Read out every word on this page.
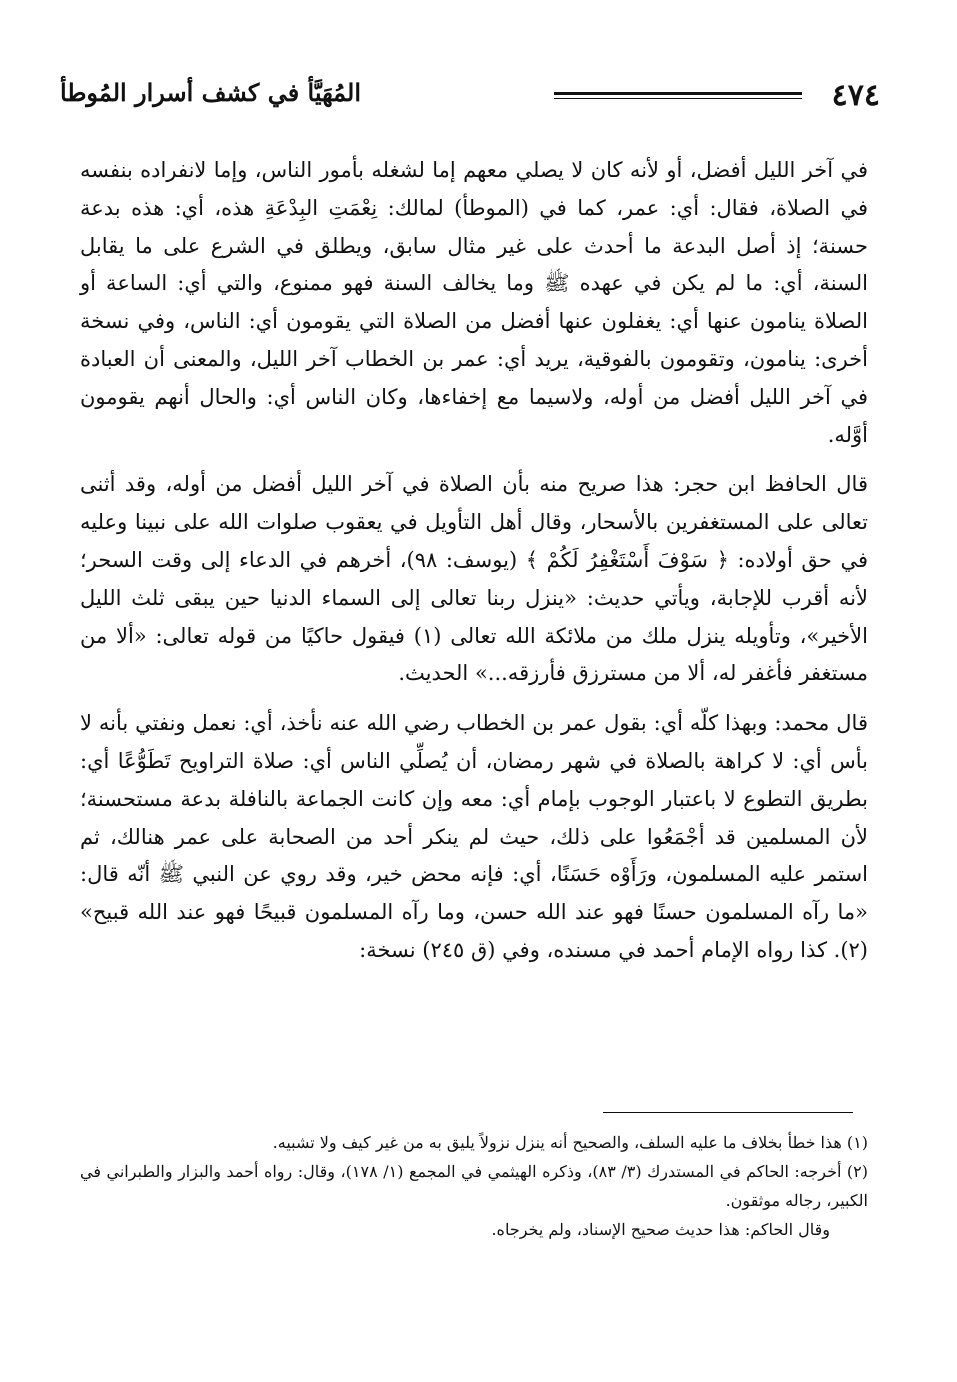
٤٧٤
المُهَيَّأ في كشف أسرار المُوطأ

في آخر الليل أفضل، أو لأنه كان لا يصلي معهم إما لشغله بأمور الناس، وإما لانفراده بنفسه في الصلاة، فقال: أي: عمر، كما في (الموطأ) لمالك: نِعْمَتِ البِدْعَةِ هذه، أي: هذه بدعة حسنة؛ إذ أصل البدعة ما أحدث على غير مثال سابق، ويطلق في الشرع على ما يقابل السنة، أي: ما لم يكن في عهده ﷺ وما يخالف السنة فهو ممنوع، والتي أي: الساعة أو الصلاة ينامون عنها أي: يغفلون عنها أفضل من الصلاة التي يقومون أي: الناس، وفي نسخة أخرى: ينامون، وتقومون بالفوقية، يريد أي: عمر بن الخطاب آخر الليل، والمعنى أن العبادة في آخر الليل أفضل من أوله، ولاسيما مع إخفاءها، وكان الناس أي: والحال أنهم يقومون أوَّله.

قال الحافظ ابن حجر: هذا صريح منه بأن الصلاة في آخر الليل أفضل من أوله، وقد أثنى تعالى على المستغفرين بالأسحار، وقال أهل التأويل في يعقوب صلوات الله على نبينا وعليه في حق أولاده: ﴿ سَوْفَ أَسْتَغْفِرُ لَكُمْ ﴾ (يوسف: ٩٨)، أخرهم في الدعاء إلى وقت السحر؛ لأنه أقرب للإجابة، ويأتي حديث: «ينزل ربنا تعالى إلى السماء الدنيا حين يبقى ثلث الليل الأخير»، وتأويله ينزل ملك من ملائكة الله تعالى (١) فيقول حاكيًا من قوله تعالى: «ألا من مستغفر فأغفر له، ألا من مسترزق فأرزقه...» الحديث.

قال محمد: وبهذا كلّه أي: بقول عمر بن الخطاب رضي الله عنه نأخذ، أي: نعمل ونفتي بأنه لا بأس أي: لا كراهة بالصلاة في شهر رمضان، أن يُصلِّي الناس أي: صلاة التراويح تَطَوُّعًا أي: بطريق التطوع لا باعتبار الوجوب بإمام أي: معه وإن كانت الجماعة بالنافلة بدعة مستحسنة؛ لأن المسلمين قد أجْمَعُوا على ذلك، حيث لم ينكر أحد من الصحابة على عمر هنالك، ثم استمر عليه المسلمون، ورَأَوْه حَسَنًا، أي: فإنه محض خير، وقد روي عن النبي ﷺ أنّه قال: «ما رآه المسلمون حسنًا فهو عند الله حسن، وما رآه المسلمون قبيحًا فهو عند الله قبيح» (٢). كذا رواه الإمام أحمد في مسنده، وفي (ق ٢٤٥) نسخة:

(١) هذا خطأ بخلاف ما عليه السلف، والصحيح أنه ينزل نزولاً يليق به من غير كيف ولا تشبيه.

(٢) أخرجه: الحاكم في المستدرك (٣/ ٨٣)، وذكره الهيثمي في المجمع (١/ ١٧٨)، وقال: رواه أحمد والبزار والطبراني في الكبير، رجاله موثقون.

وقال الحاكم: هذا حديث صحيح الإسناد، ولم يخرجاه.
